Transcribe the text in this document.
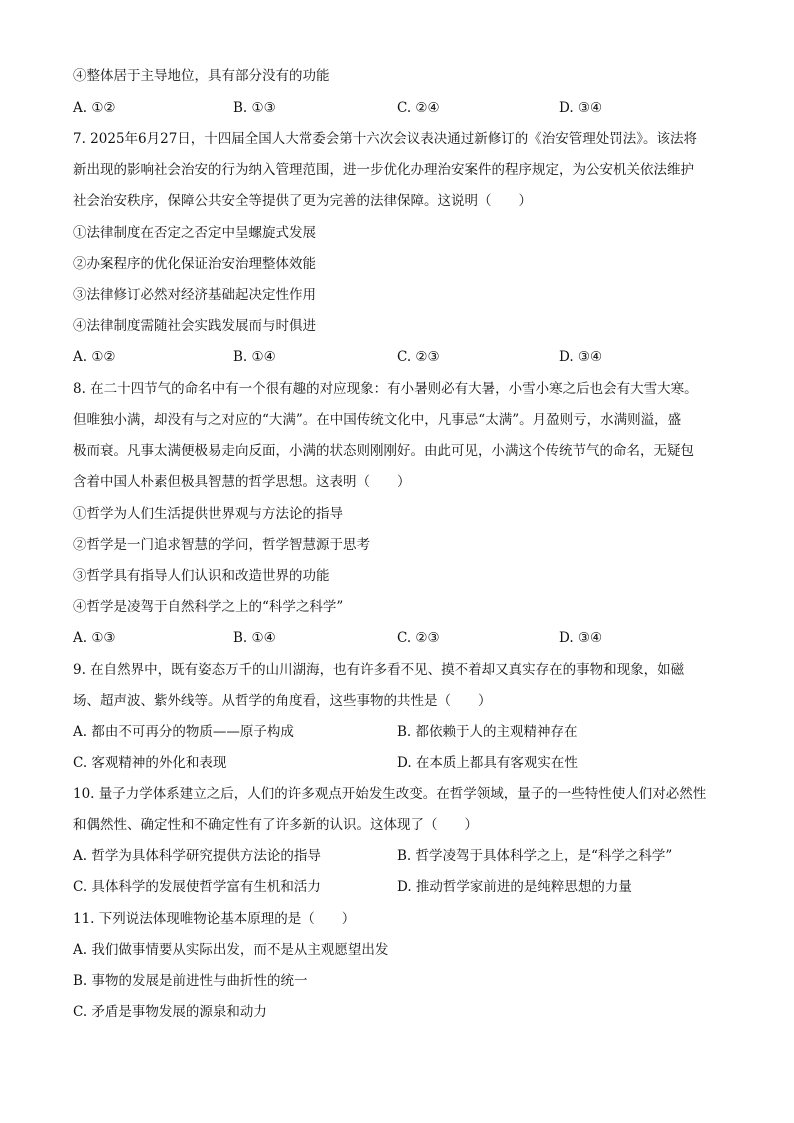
④整体居于主导地位，具有部分没有的功能
A. ①②	B. ①③	C. ②④	D. ③④
7. 2025年6月27日，十四届全国人大常委会第十六次会议表决通过新修订的《治安管理处罚法》。该法将
新出现的影响社会治安的行为纳入管理范围，进一步优化办理治安案件的程序规定，为公安机关依法维护
社会治安秩序，保障公共安全等提供了更为完善的法律保障。这说明（　　）
①法律制度在否定之否定中呈螺旋式发展
②办案程序的优化保证治安治理整体效能
③法律修订必然对经济基础起决定性作用
④法律制度需随社会实践发展而与时俱进
A. ①②	B. ①④	C. ②③	D. ③④
8. 在二十四节气的命名中有一个很有趣的对应现象：有小暑则必有大暑，小雪小寒之后也会有大雪大寒。
但唯独小满，却没有与之对应的“大满”。在中国传统文化中，凡事忌“太满”。月盈则亏，水满则溢，盛
极而衰。凡事太满便极易走向反面，小满的状态则刚刚好。由此可见，小满这个传统节气的命名，无疑包
含着中国人朴素但极具智慧的哲学思想。这表明（　　）
①哲学为人们生活提供世界观与方法论的指导
②哲学是一门追求智慧的学问，哲学智慧源于思考
③哲学具有指导人们认识和改造世界的功能
④哲学是凌驾于自然科学之上的“科学之科学”
A. ①③	B. ①④	C. ②③	D. ③④
9. 在自然界中，既有姿态万千的山川湖海，也有许多看不见、摸不着却又真实存在的事物和现象，如磁
场、超声波、紫外线等。从哲学的角度看，这些事物的共性是（　　）
A. 都由不可再分的物质——原子构成	B. 都依赖于人的主观精神存在
C. 客观精神的外化和表现	D. 在本质上都具有客观实在性
10. 量子力学体系建立之后，人们的许多观点开始发生改变。在哲学领域，量子的一些特性使人们对必然性
和偶然性、确定性和不确定性有了许多新的认识。这体现了（　　）
A. 哲学为具体科学研究提供方法论的指导	B. 哲学凌驾于具体科学之上，是“科学之科学”
C. 具体科学的发展使哲学富有生机和活力	D. 推动哲学家前进的是纯粹思想的力量
11. 下列说法体现唯物论基本原理的是（　　）
A. 我们做事情要从实际出发，而不是从主观愿望出发
B. 事物的发展是前进性与曲折性的统一
C. 矛盾是事物发展的源泉和动力
